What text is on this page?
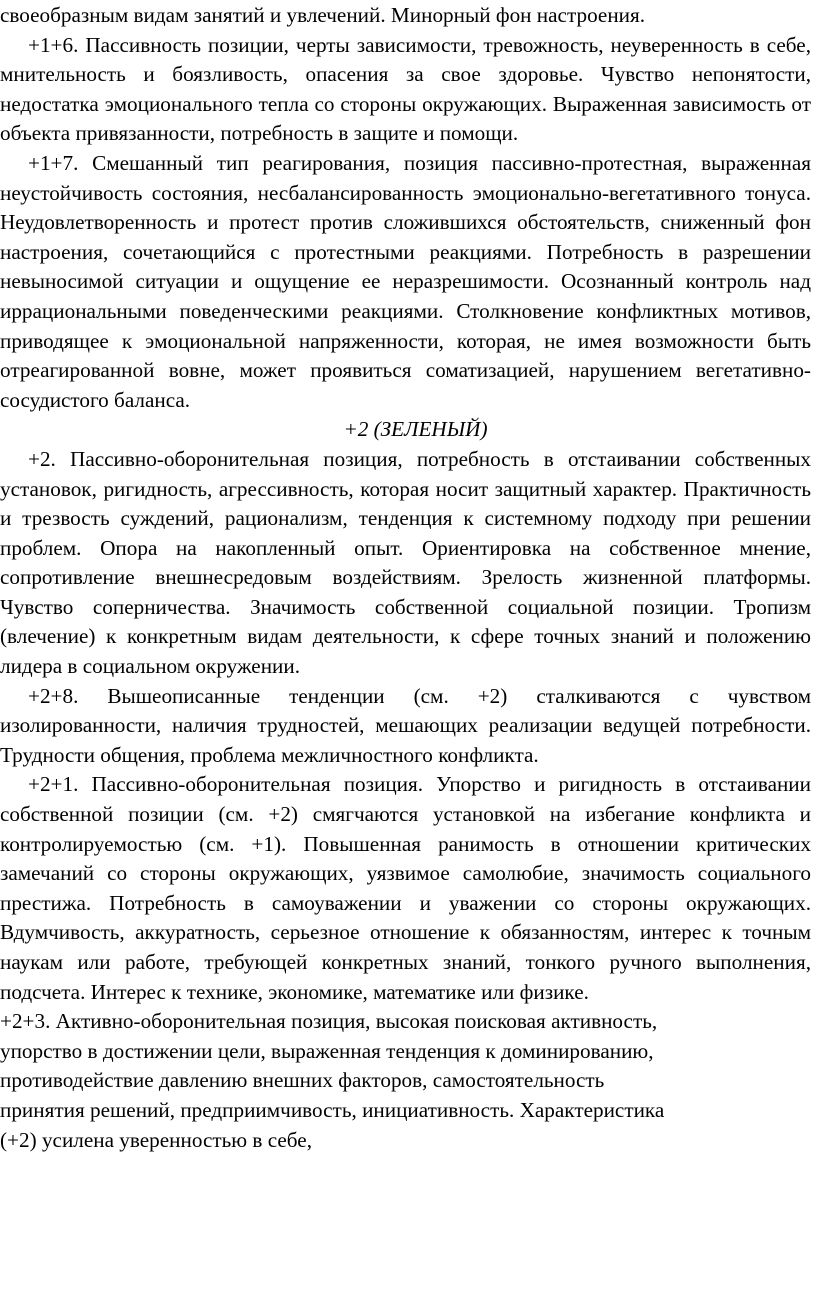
своеобразным видам занятий и увлечений. Минорный фон настроения.

+1+6. Пассивность позиции, черты зависимости, тревожность, неуверенность в себе, мнительность и боязливость, опасения за свое здоровье. Чувство непонятости, недостатка эмоционального тепла со стороны окружающих. Выраженная зависимость от объекта привязанности, потребность в защите и помощи.

+1+7. Смешанный тип реагирования, позиция пассивно-протестная, выраженная неустойчивость состояния, несбалансированность эмоционально-вегетативного тонуса. Неудовлетворенность и протест против сложившихся обстоятельств, сниженный фон настроения, сочетающийся с протестными реакциями. Потребность в разрешении невыносимой ситуации и ощущение ее неразрешимости. Осознанный контроль над иррациональными поведенческими реакциями. Столкновение конфликтных мотивов, приводящее к эмоциональной напряженности, которая, не имея возможности быть отреагированной вовне, может проявиться соматизацией, нарушением вегетативно-сосудистого баланса.

+2 (ЗЕЛЕНЫЙ)

+2. Пассивно-оборонительная позиция, потребность в отстаивании собственных установок, ригидность, агрессивность, которая носит защитный характер. Практичность и трезвость суждений, рационализм, тенденция к системному подходу при решении проблем. Опора на накопленный опыт. Ориентировка на собственное мнение, сопротивление внешнесредовым воздействиям. Зрелость жизненной платформы. Чувство соперничества. Значимость собственной социальной позиции. Тропизм (влечение) к конкретным видам деятельности, к сфере точных знаний и положению лидера в социальном окружении.

+2+8. Вышеописанные тенденции (см. +2) сталкиваются с чувством изолированности, наличия трудностей, мешающих реализации ведущей потребности. Трудности общения, проблема межличностного конфликта.

+2+1. Пассивно-оборонительная позиция. Упорство и ригидность в отстаивании собственной позиции (см. +2) смягчаются установкой на избегание конфликта и контролируемостью (см. +1). Повышенная ранимость в отношении критических замечаний со стороны окружающих, уязвимое самолюбие, значимость социального престижа. Потребность в самоуважении и уважении со стороны окружающих. Вдумчивость, аккуратность, серьезное отношение к обязанностям, интерес к точным наукам или работе, требующей конкретных знаний, тонкого ручного выполнения, подсчета. Интерес к технике, экономике, математике или физике.

+2+3. Активно-оборонительная позиция, высокая поисковая активность,
упорство в достижении цели, выраженная тенденция к доминированию,
противодействие давлению внешних факторов, самостоятельность
принятия решений, предприимчивость, инициативность. Характеристика
(+2) усилена уверенностью в себе,
